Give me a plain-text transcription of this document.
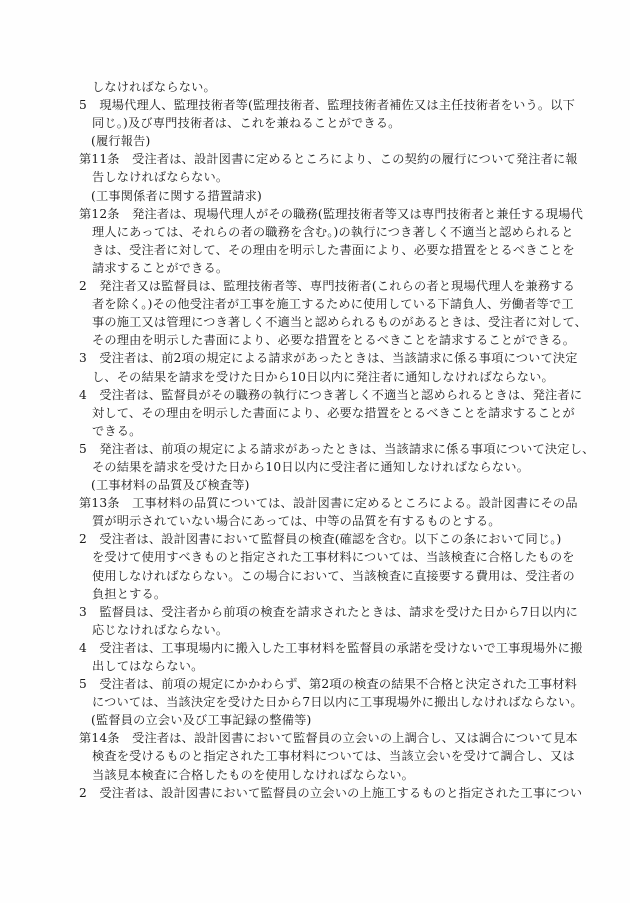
しなければならない。
5　現場代理人、監理技術者等(監理技術者、監理技術者補佐又は主任技術者をいう。以下
同じ。)及び専門技術者は、これを兼ねることができる。
(履行報告)
第11条　受注者は、設計図書に定めるところにより、この契約の履行について発注者に報
告しなければならない。
(工事関係者に関する措置請求)
第12条　発注者は、現場代理人がその職務(監理技術者等又は専門技術者と兼任する現場代
理人にあっては、それらの者の職務を含む。)の執行につき著しく不適当と認められると
きは、受注者に対して、その理由を明示した書面により、必要な措置をとるべきことを
請求することができる。
2　発注者又は監督員は、監理技術者等、専門技術者(これらの者と現場代理人を兼務する
者を除く。)その他受注者が工事を施工するために使用している下請負人、労働者等で工
事の施工又は管理につき著しく不適当と認められるものがあるときは、受注者に対して、
その理由を明示した書面により、必要な措置をとるべきことを請求することができる。
3　受注者は、前2項の規定による請求があったときは、当該請求に係る事項について決定
し、その結果を請求を受けた日から10日以内に発注者に通知しなければならない。
4　受注者は、監督員がその職務の執行につき著しく不適当と認められるときは、発注者に
対して、その理由を明示した書面により、必要な措置をとるべきことを請求することが
できる。
5　発注者は、前項の規定による請求があったときは、当該請求に係る事項について決定し、
その結果を請求を受けた日から10日以内に受注者に通知しなければならない。
(工事材料の品質及び検査等)
第13条　工事材料の品質については、設計図書に定めるところによる。設計図書にその品
質が明示されていない場合にあっては、中等の品質を有するものとする。
2　受注者は、設計図書において監督員の検査(確認を含む。以下この条において同じ。)
を受けて使用すべきものと指定された工事材料については、当該検査に合格したものを
使用しなければならない。この場合において、当該検査に直接要する費用は、受注者の
負担とする。
3　監督員は、受注者から前項の検査を請求されたときは、請求を受けた日から7日以内に
応じなければならない。
4　受注者は、工事現場内に搬入した工事材料を監督員の承諾を受けないで工事現場外に搬
出してはならない。
5　受注者は、前項の規定にかかわらず、第2項の検査の結果不合格と決定された工事材料
については、当該決定を受けた日から7日以内に工事現場外に搬出しなければならない。
(監督員の立会い及び工事記録の整備等)
第14条　受注者は、設計図書において監督員の立会いの上調合し、又は調合について見本
検査を受けるものと指定された工事材料については、当該立会いを受けて調合し、又は
当該見本検査に合格したものを使用しなければならない。
2　受注者は、設計図書において監督員の立会いの上施工するものと指定された工事につい
